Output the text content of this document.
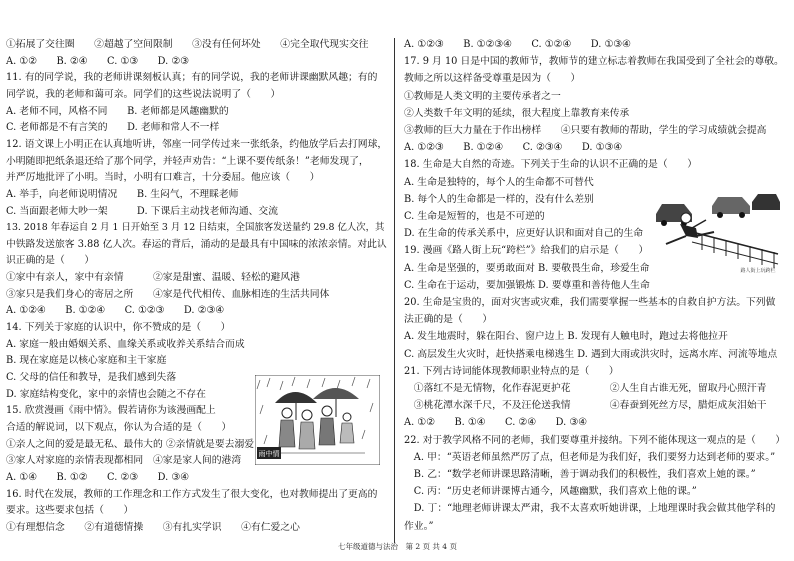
①拓展了交往圈　　②超越了空间限制　　③没有任何坏处　　④完全取代现实交往
A. ①②　　B. ②④　　C. ①③　　D. ②③
11. 有的同学说，我的老师讲课刻板认真；有的同学说，我的老师讲课幽默风趣；有的
同学说，我的老师和蔼可亲。同学们的这些说法说明了（　　）
A. 老师不同，风格不同　　B. 老师都是风趣幽默的
C. 老师都是不有言笑的　　D. 老师和常人不一样
12. 语文课上小明正在认真地听讲，邻座一同学传过来一张纸条，约他放学后去打网球，
小明随即把纸条退还给了那个同学，并轻声劝告：“上课不要传纸条！”老师发现了，
并严厉地批评了小明。当时，小明有口难言，十分委屈。他应该（　　）
A. 举手，向老师说明情况　　B. 生闷气，不理睬老师
C. 当面跟老师大吵一架　　　D. 下课后主动找老师沟通、交流
13. 2018 年春运自 2 月 1 日开始至 3 月 12 日结束，全国旅客发送量约 29.8 亿人次，其
中铁路发送旅客 3.88 亿人次。春运的背后，涌动的是最具有中国味的浓浓亲情。对此认
识正确的是（　　）
①家中有亲人，家中有亲情　　　②家是甜蜜、温暖、轻松的避风港
③家只是我们身心的寄居之所　　④家是代代相传、血脉相连的生活共同体
A. ①②④　　B. ①②④　　C. ①②③　　D. ②③④
14. 下列关于家庭的认识中，你不赞成的是（　　）
A. 家庭一般由婚姻关系、血缘关系或收养关系结合而成
B. 现在家庭是以核心家庭和主干家庭
C. 父母的信任和教导，是我们感到失落
D. 家庭结构变化，家中的亲情也会随之不存在
15. 欣赏漫画《雨中情》。假若请你为该漫画配上
合适的解说词，以下观点，你认为合适的是（　　）
①亲人之间的爱是最无私、最伟大的 ②亲情就是要去溺爱
③家人对家庭的亲情表现都相同　④家是家人间的港湾
A. ①④　　B. ①②　　C. ②③　　D. ③④
16. 时代在发展，教师的工作理念和工作方式发生了很大变化，也对教师提出了更高的
要求。这些要求包括（　　）
①有理想信念　　②有道德情操　　③有扎实学识　　④有仁爱之心
A. ①②③　　B. ①②③④　　C. ①②④　　D. ①③④
17. 9 月 10 日是中国的教师节，教师节的建立标志着教师在我国受到了全社会的尊敬。
教师之所以这样备受尊重是因为（　　）
①教师是人类文明的主要传承者之一
②人类数千年文明的延续，很大程度上靠教育来传承
③教师的巨大力量在于作出榜样　　④只要有教师的帮助，学生的学习成绩就会提高
A. ①②③　　B. ①②④　　C. ②③④　　D. ①③④
18. 生命是大自然的奇迹。下列关于生命的认识不正确的是（　　）
A. 生命是独特的，每个人的生命都不可替代
B. 每个人的生命都是一样的，没有什么差别
C. 生命是短暂的，也是不可逆的
D. 在生命的传承关系中，应更好认识和面对自己的生命
19. 漫画《路人街上玩“跨栏”》给我们的启示是（　　）
A. 生命是坚强的，要勇敢面对 B. 要敬畏生命，珍爱生命
C. 生命在于运动，要加强锻炼 D. 要尊重和善待他人生命
20. 生命是宝贵的，面对灾害或灾难，我们需要掌握一些基本的自救自护方法。下列做
法正确的是（　　）
A. 发生地震时，躲在阳台、窗户边上 B. 发现有人触电时，跑过去将他拉开
C. 高层发生火灾时，赶快搭乘电梯逃生 D. 遇到大雨或洪灾时，远离水库、河流等地点
21. 下列古诗词能体现教师职业特点的是（　　）
　①落红不是无情物，化作春泥更护花　　　　②人生自古谁无死，留取丹心照汗青
　③桃花潭水深千尺，不及汪伦送我情　　　　④春蚕到死丝方尽，腊炬成灰泪始干
A. ①②　　B. ①④　　C. ②④　　D. ③④
22. 对于教学风格不同的老师，我们要尊重并接纳。下列不能体现这一观点的是（　　）
　A. 甲：“英语老师虽然严厉了点，但老师是为我们好，我们要努力达到老师的要求。”
　B. 乙：“数学老师讲课思路清晰，善于调动我们的积极性，我们喜欢上她的课。”
　C. 丙：“历史老师讲课博古通今，风趣幽默，我们喜欢上他的课。”
　D. 丁：“地理老师讲课太严肃，我不太喜欢听她讲课，上地理课时我会做其他学科的
作业。”
雨中情
路人街上玩跨栏
七年级道德与法治　第 2 页 共 4 页
